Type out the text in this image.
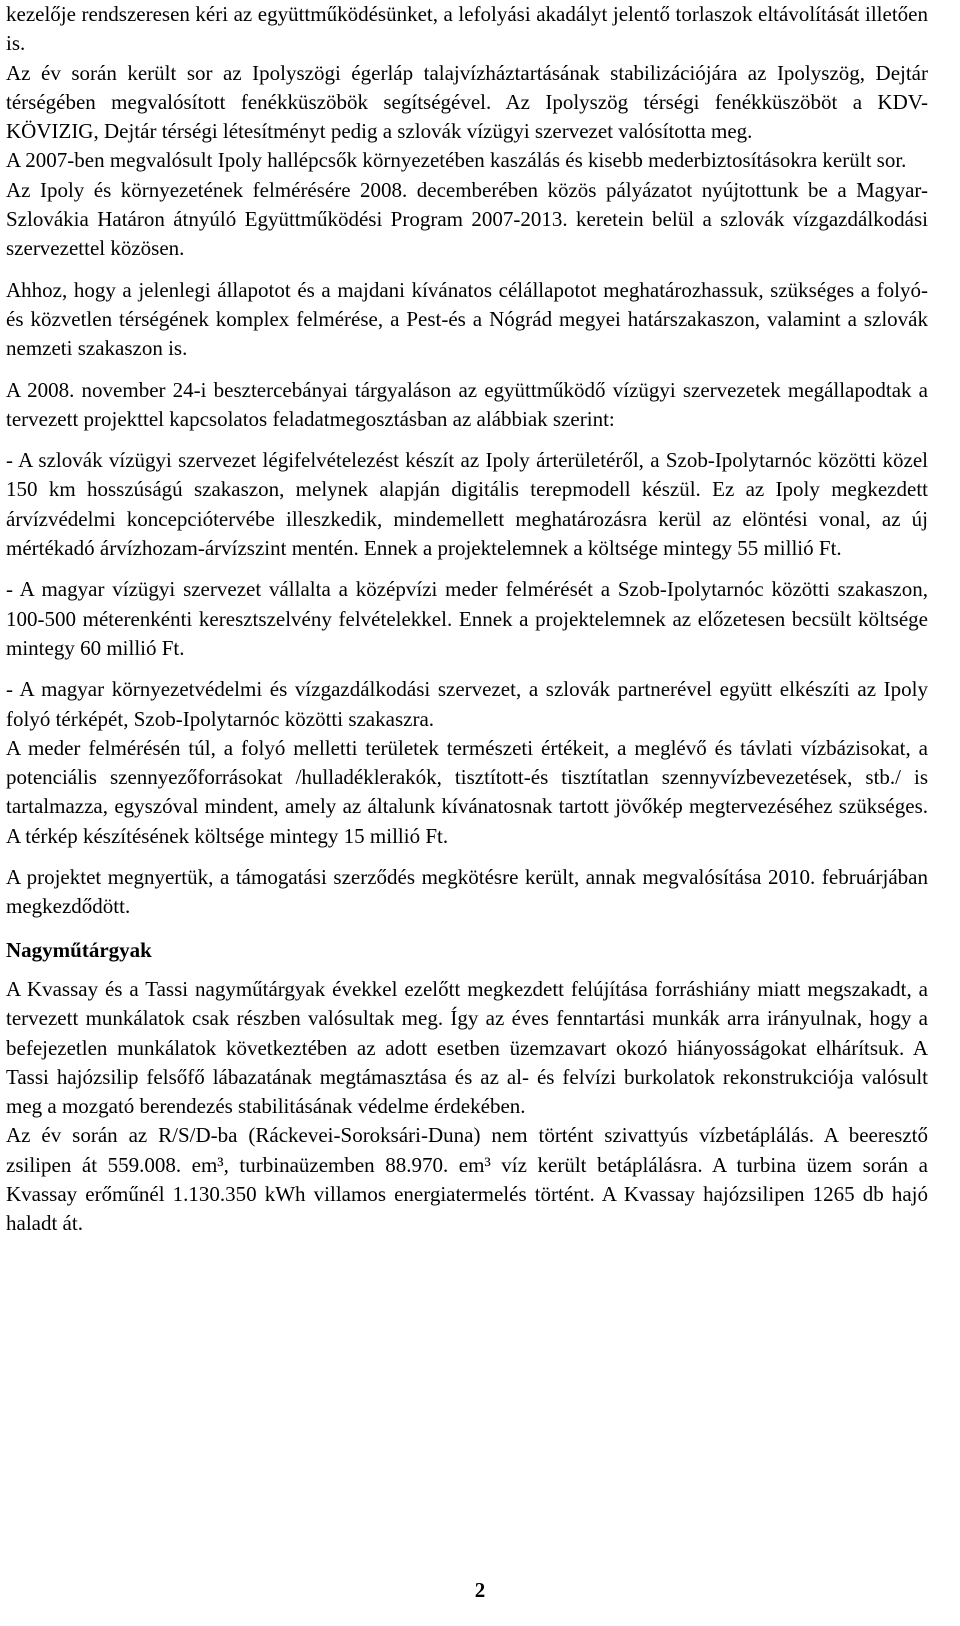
kezelője rendszeresen kéri az együttműködésünket, a lefolyási akadályt jelentő torlaszok eltávolítását illetően is.

Az év során került sor az Ipolyszögi égerláp talajvízháztartásának stabilizációjára az Ipolyszög, Dejtár térségében megvalósított fenékküszöbök segítségével. Az Ipolyszög térségi fenékküszöböt a KDV-KÖVIZIG, Dejtár térségi létesítményt pedig a szlovák vízügyi szervezet valósította meg.

A 2007-ben megvalósult Ipoly hallépcsők környezetében kaszálás és kisebb mederbiztosításokra került sor.

Az Ipoly és környezetének felmérésére 2008. decemberében közös pályázatot nyújtottunk be a Magyar-Szlovákia Határon átnyúló Együttműködési Program 2007-2013. keretein belül a szlovák vízgazdálkodási szervezettel közösen.

Ahhoz, hogy a jelenlegi állapotot és a majdani kívánatos célállapotot meghatározhassuk, szükséges a folyó- és közvetlen térségének komplex felmérése, a Pest-és a Nógrád megyei határszakaszon, valamint a szlovák nemzeti szakaszon is.

A 2008. november 24-i besztercebányai tárgyaláson az együttműködő vízügyi szervezetek megállapodtak a tervezett projekttel kapcsolatos feladatmegosztásban az alábbiak szerint:

- A szlovák vízügyi szervezet légifelvételezést készít az Ipoly árterületéről, a Szob-Ipolytarnóc közötti közel 150 km hosszúságú szakaszon, melynek alapján digitális terepmodell készül. Ez az Ipoly megkezdett árvízvédelmi koncepciótervébe illeszkedik, mindemellett meghatározásra kerül az elöntési vonal, az új mértékadó árvízhozam-árvízszint mentén. Ennek a projektelemnek a költsége mintegy 55 millió Ft.

- A magyar vízügyi szervezet vállalta a középvízi meder felmérését a Szob-Ipolytarnóc közötti szakaszon, 100-500 méterenkénti keresztszelvény felvételekkel. Ennek a projektelemnek az előzetesen becsült költsége mintegy 60 millió Ft.

- A magyar környezetvédelmi és vízgazdálkodási szervezet, a szlovák partnerével együtt elkészíti az Ipoly folyó térképét, Szob-Ipolytarnóc közötti szakaszra.

A meder felmérésén túl, a folyó melletti területek természeti értékeit, a meglévő és távlati vízbázisokat, a potenciális szennyezőforrásokat /hulladéklerakók, tisztított-és tisztítatlan szennyvízbevezetések, stb./ is tartalmazza, egyszóval mindent, amely az általunk kívánatosnak tartott jövőkép megtervezéséhez szükséges. A térkép készítésének költsége mintegy 15 millió Ft.

A projektet megnyertük, a támogatási szerződés megkötésre került, annak megvalósítása 2010. februárjában megkezdődött.

Nagyműtárgyak

A Kvassay és a Tassi nagyműtárgyak évekkel ezelőtt megkezdett felújítása forráshiány miatt megszakadt, a tervezett munkálatok csak részben valósultak meg. Így az éves fenntartási munkák arra irányulnak, hogy a befejezetlen munkálatok következtében az adott esetben üzemzavart okozó hiányosságokat elhárítsuk. A Tassi hajózsilip felsőfő lábazatának megtámasztása és az al- és felvízi burkolatok rekonstrukciója valósult meg a mozgató berendezés stabilitásának védelme érdekében.

Az év során az R/S/D-ba (Ráckevei-Soroksári-Duna) nem történt szivattyús vízbetáplálás. A beeresztő zsilipen át 559.008. em³, turbinaüzemben 88.970. em³ víz került betáplálásra. A turbina üzem során a Kvassay erőműnél 1.130.350 kWh villamos energiatermelés történt. A Kvassay hajózsilipen 1265 db hajó haladt át.

2
